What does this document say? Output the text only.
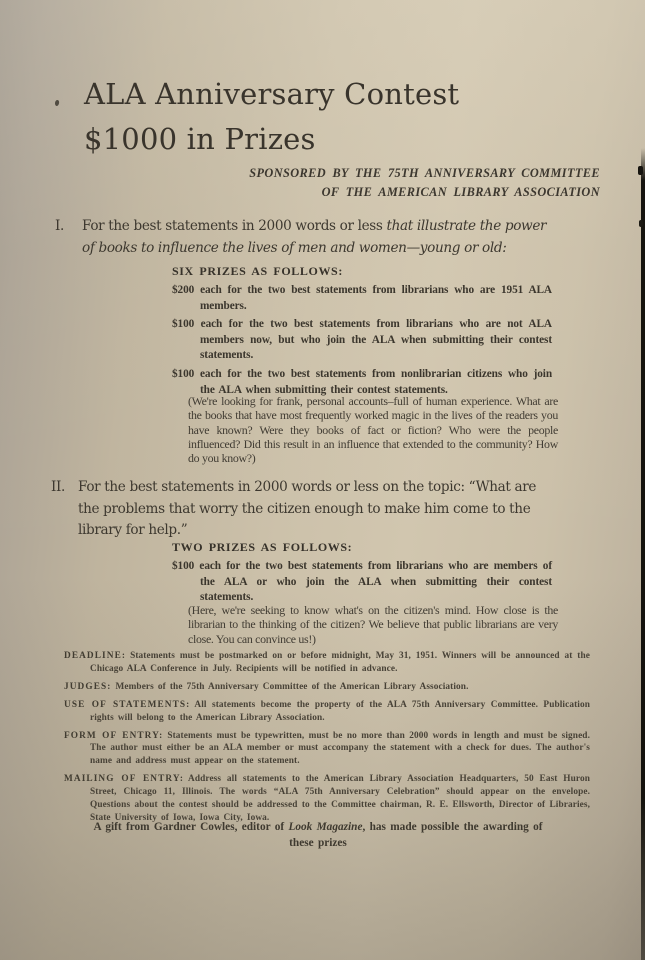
ALA Anniversary Contest
$1000 in Prizes
SPONSORED BY THE 75TH ANNIVERSARY COMMITTEE
OF THE AMERICAN LIBRARY ASSOCIATION
I.	For the best statements in 2000 words or less that illustrate the power of books to influence the lives of men and women—young or old:
SIX PRIZES AS FOLLOWS:

$200 each for the two best statements from librarians who are 1951 ALA members.

$100 each for the two best statements from librarians who are not ALA members now, but who join the ALA when submitting their contest statements.

$100 each for the two best statements from nonlibrarian citizens who join the ALA when submitting their contest statements.

(We're looking for frank, personal accounts–full of human experience. What are the books that have most frequently worked magic in the lives of the readers you have known? Were they books of fact or fiction? Who were the people influenced? Did this result in an influence that extended to the community? How do you know?)
II. For the best statements in 2000 words or less on the topic: “What are the problems that worry the citizen enough to make him come to the library for help.”
TWO PRIZES AS FOLLOWS:

$100 each for the two best statements from librarians who are members of the ALA or who join the ALA when submitting their contest statements.

(Here, we're seeking to know what's on the citizen's mind. How close is the librarian to the thinking of the citizen? We believe that public librarians are very close. You can convince us!)

DEADLINE: Statements must be postmarked on or before midnight, May 31, 1951. Winners will be announced at the Chicago ALA Conference in July. Recipients will be notified in advance.

JUDGES: Members of the 75th Anniversary Committee of the American Library Association.

USE OF STATEMENTS: All statements become the property of the ALA 75th Anniversary Committee. Publication rights will belong to the American Library Association.

FORM OF ENTRY: Statements must be typewritten, must be no more than 2000 words in length and must be signed. The author must either be an ALA member or must accompany the statement with a check for dues. The author's name and address must appear on the statement.

MAILING OF ENTRY: Address all statements to the American Library Association Headquarters, 50 East Huron Street, Chicago 11, Illinois. The words “ALA 75th Anniversary Celebration” should appear on the envelope. Questions about the contest should be addressed to the Committee chairman, R. E. Ellsworth, Director of Libraries, State University of Iowa, Iowa City, Iowa.

A gift from Gardner Cowles, editor of Look Magazine, has made possible the awarding of these prizes
